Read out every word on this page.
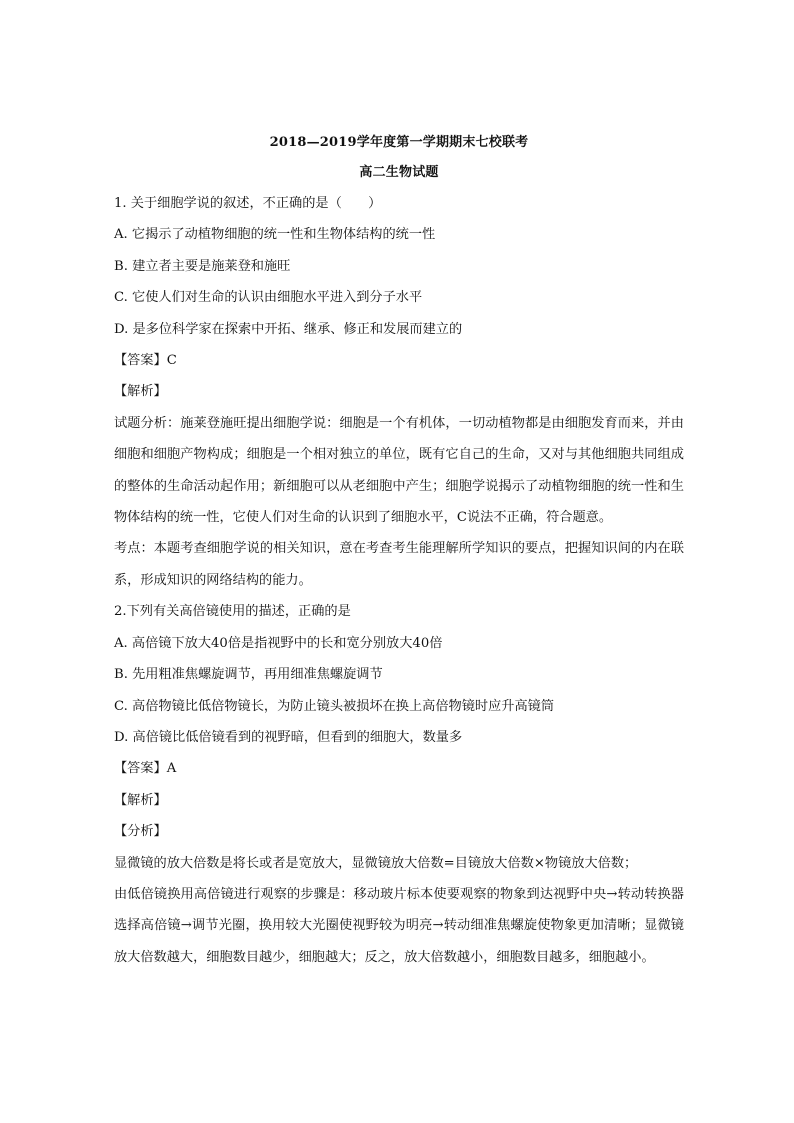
2018—2019学年度第一学期期末七校联考
高二生物试题
1. 关于细胞学说的叙述，不正确的是（　　）
A. 它揭示了动植物细胞的统一性和生物体结构的统一性
B. 建立者主要是施莱登和施旺
C. 它使人们对生命的认识由细胞水平进入到分子水平
D. 是多位科学家在探索中开拓、继承、修正和发展而建立的
【答案】C
【解析】

试题分析：施莱登施旺提出细胞学说：细胞是一个有机体，一切动植物都是由细胞发育而来，并由细胞和细胞产物构成；细胞是一个相对独立的单位，既有它自己的生命，又对与其他细胞共同组成的整体的生命活动起作用；新细胞可以从老细胞中产生；细胞学说揭示了动植物细胞的统一性和生物体结构的统一性，它使人们对生命的认识到了细胞水平，C说法不正确，符合题意。

考点：本题考查细胞学说的相关知识，意在考查考生能理解所学知识的要点，把握知识间的内在联系，形成知识的网络结构的能力。

2.下列有关高倍镜使用的描述，正确的是
A. 高倍镜下放大40倍是指视野中的长和宽分别放大40倍
B. 先用粗准焦螺旋调节，再用细准焦螺旋调节
C. 高倍物镜比低倍物镜长，为防止镜头被损坏在换上高倍物镜时应升高镜筒
D. 高倍镜比低倍镜看到的视野暗，但看到的细胞大，数量多
【答案】A
【解析】
【分析】
显微镜的放大倍数是将长或者是宽放大，显微镜放大倍数=目镜放大倍数×物镜放大倍数；

由低倍镜换用高倍镜进行观察的步骤是：移动玻片标本使要观察的物象到达视野中央→转动转换器选择高倍镜→调节光圈，换用较大光圈使视野较为明亮→转动细准焦螺旋使物象更加清晰；显微镜放大倍数越大，细胞数目越少，细胞越大；反之，放大倍数越小，细胞数目越多，细胞越小。
